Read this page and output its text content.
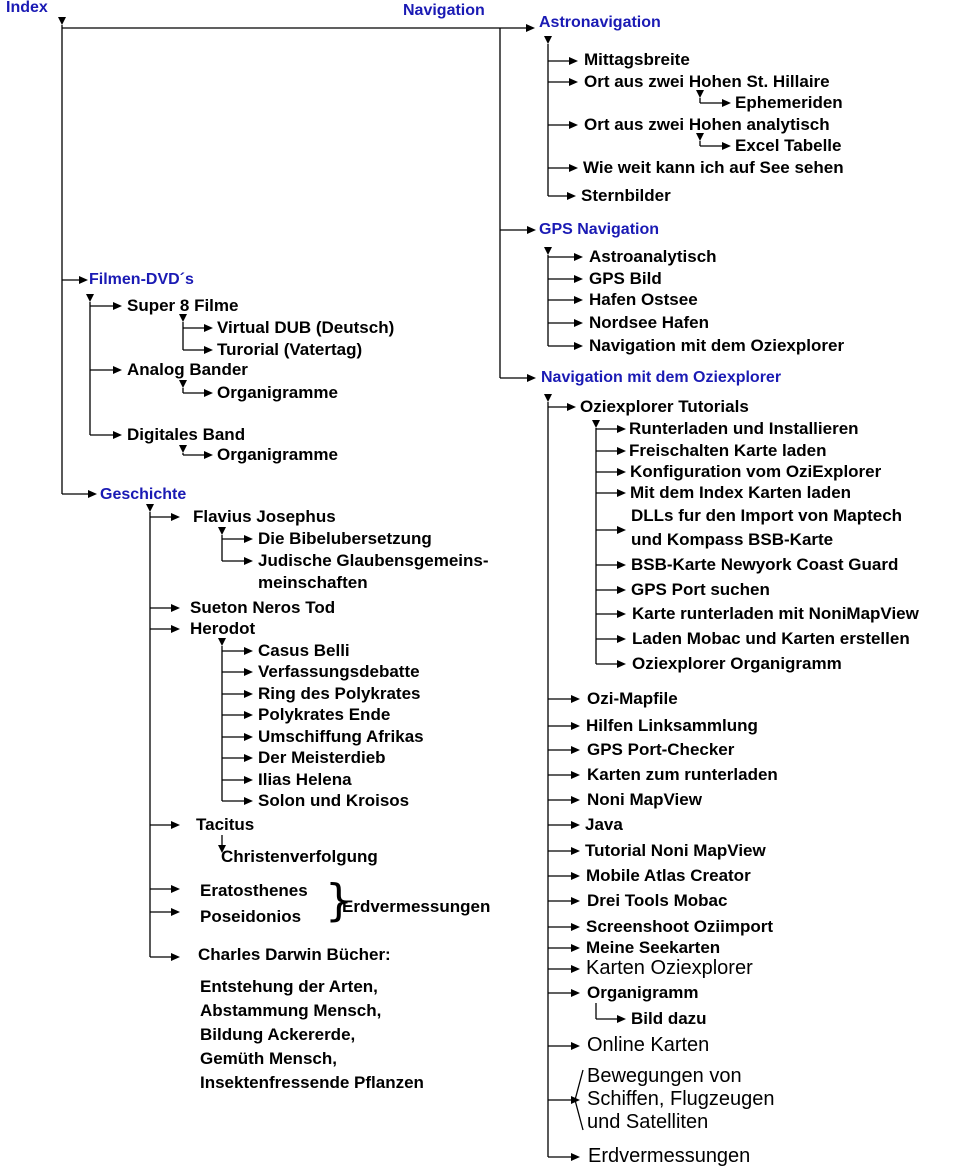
Index	Navigation
Astronavigation
Mittagsbreite
Ort aus zwei Hohen St. Hillaire
Ephemeriden
Ort aus zwei Hohen analytisch
Excel Tabelle
Wie weit kann ich auf See sehen
Sternbilder
GPS Navigation
Astroanalytisch
GPS Bild
Hafen Ostsee
Nordsee Hafen
Navigation mit dem Oziexplorer
Navigation mit dem Oziexplorer
Oziexplorer Tutorials
Runterladen und Installieren
Freischalten Karte laden
Konfiguration vom OziExplorer
Mit dem Index Karten laden
DLLs fur den Import von Maptech
und Kompass BSB-Karte
BSB-Karte Newyork Coast Guard
GPS Port suchen
Karte runterladen mit NoniMapView
Laden Mobac und Karten erstellen
Oziexplorer Organigramm
Ozi-Mapfile
Hilfen Linksammlung
GPS Port-Checker
Karten zum runterladen
Noni MapView
Java
Tutorial Noni MapView
Mobile Atlas Creator
Drei Tools Mobac
Screenshoot Oziimport
Meine Seekarten
Karten Oziexplorer
Organigramm
Bild dazu
Online Karten
Bewegungen von
Schiffen, Flugzeugen
und Satelliten
Erdvermessungen
Filmen-DVD´s
Super 8 Filme
Virtual DUB (Deutsch)
Turorial (Vatertag)
Analog Bander
Organigramme
Digitales Band
Organigramme
Geschichte
Flavius Josephus
Die Bibelubersetzung
Judische Glaubensgemeins-
meinschaften
Sueton Neros Tod
Herodot
Casus Belli
Verfassungsdebatte
Ring des Polykrates
Polykrates Ende
Umschiffung Afrikas
Der Meisterdieb
Ilias Helena
Solon und Kroisos
Tacitus
Christenverfolgung
Eratosthenes
Poseidonios }
Erdvermessungen
Charles Darwin Bücher:
Entstehung der Arten,
Abstammung Mensch,
Bildung Ackererde,
Gemüth Mensch,
Insektenfressende Pflanzen
